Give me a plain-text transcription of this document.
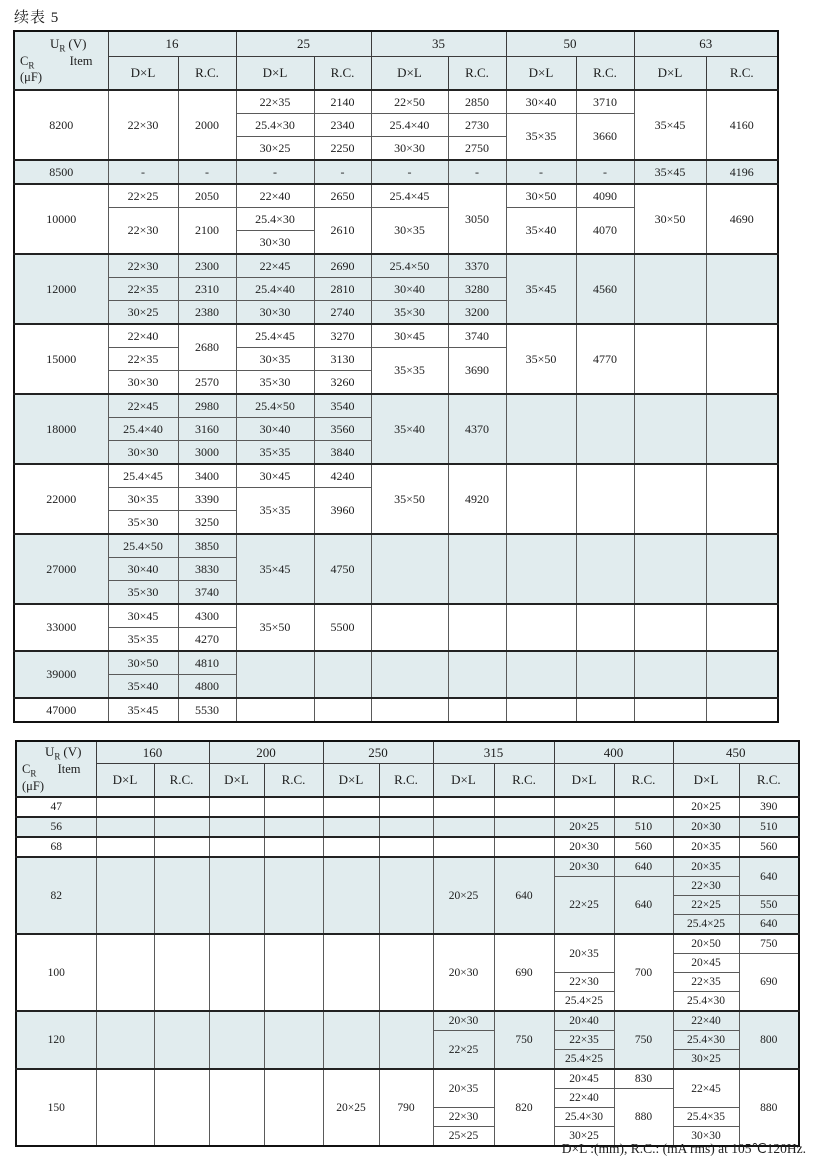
续表 5
$U_R$ (V)
$C_R$ Item
(μF)	16		25		35		50		63	
	D×L	R.C.	D×L	R.C.	D×L	R.C.	D×L	R.C.	D×L	R.C.
8200	22×30	2000	22×35	2140	22×50	2850	30×40	3710	35×45	4160
			25.4×30	2340	25.4×40	2730	35×35	3660		
			30×25	2250	30×30	2750				
8500	-	-	-	-	-	-	-	-	35×45	4196
10000	22×25	2050	22×40	2650	25.4×45	3050	30×50	4090	30×50	4690
	22×30	2100	25.4×30	2610	30×35		35×40	4070		
			30×30							
12000	22×30	2300	22×45	2690	25.4×50	3370	35×45	4560		
	22×35	2310	25.4×40	2810	30×40	3280				
	30×25	2380	30×30	2740	35×30	3200				
15000	22×40	2680	25.4×45	3270	30×45	3740	35×50	4770		
	22×35		30×35	3130	35×35	3690				
	30×30	2570	35×30	3260						
18000	22×45	2980	25.4×50	3540	35×40	4370				
	25.4×40	3160	30×40	3560						
	30×30	3000	35×35	3840						
22000	25.4×45	3400	30×45	4240	35×50	4920				
	30×35	3390	35×35	3960						
	35×30	3250								
27000	25.4×50	3850	35×45	4750						
	30×40	3830								
	35×30	3740								
33000	30×45	4300	35×50	5500						
	35×35	4270								
39000	30×50	4810								
	35×40	4800								
47000	35×45	5530								
$U_R$ (V)
$C_R$ Item
(μF)	160		200		250		315		400		450	
	D×L	R.C.	D×L	R.C.	D×L	R.C.	D×L	R.C.	D×L	R.C.	D×L	R.C.
47											20×25	390
56									20×25	510	20×30	510
68									20×30	560	20×35	560
82							20×25	640	20×30	640	20×35	640
									22×25	640	22×30	
											22×25	550
											25.4×25	640
100							20×30	690	20×35	700	20×50	750
											20×45	690
									22×30		22×35	
									25.4×25		25.4×30	
120							20×30	750	20×40	750	22×40	800
							22×25		22×35		25.4×30	
									25.4×25		30×25	
150					20×25	790	20×35	820	20×45	830	22×45	880
									22×40	880		
							22×30		25.4×30		25.4×35	
							25×25		30×25		30×30	
D×L :(mm), R.C.: (mA rms) at 105℃120Hz.
